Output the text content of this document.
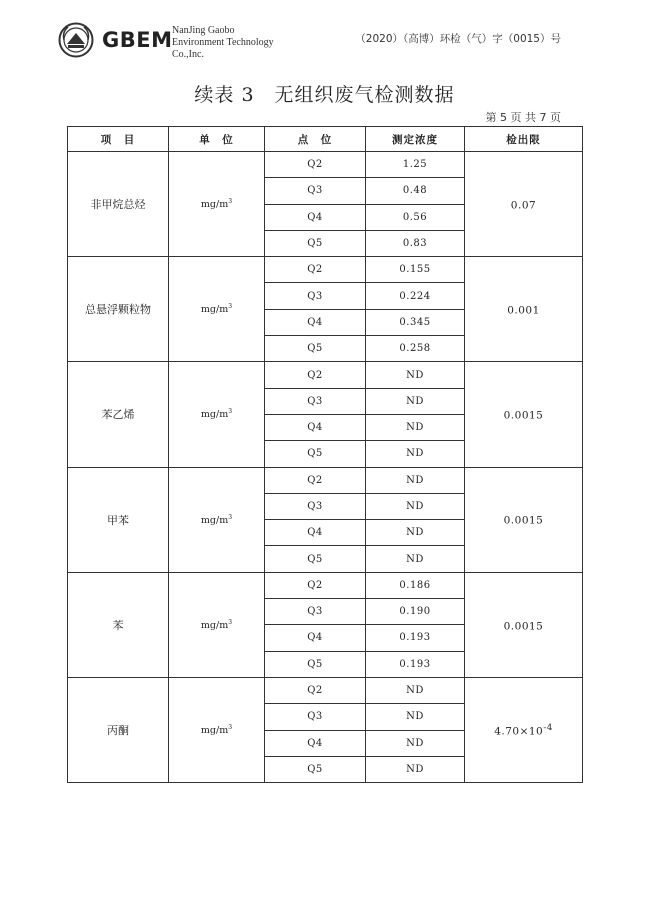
GBEM NanJing Gaobo
Environment Technology
Co.,Inc.
（2020）（高博）环检（气）字（0015）号
续表 3　无组织废气检测数据
第 5 页 共 7 页
项　目	单　位	点　位	测定浓度	检出限
非甲烷总烃	$mg/m^3$	Q2	1.25	0.07
		Q3	0.48	
		Q4	0.56	
		Q5	0.83	
总悬浮颗粒物	$mg/m^3$	Q2	0.155	0.001
		Q3	0.224	
		Q4	0.345	
		Q5	0.258	
苯乙烯	$mg/m^3$	Q2	ND	0.0015
		Q3	ND	
		Q4	ND	
		Q5	ND	
甲苯	$mg/m^3$	Q2	ND	0.0015
		Q3	ND	
		Q4	ND	
		Q5	ND	
苯	$mg/m^3$	Q2	0.186	0.0015
		Q3	0.190	
		Q4	0.193	
		Q5	0.193	
丙酮	$mg/m^3$	Q2	ND	$4.70\times 10^{-4}$
		Q3	ND	
		Q4	ND	
		Q5	ND	
